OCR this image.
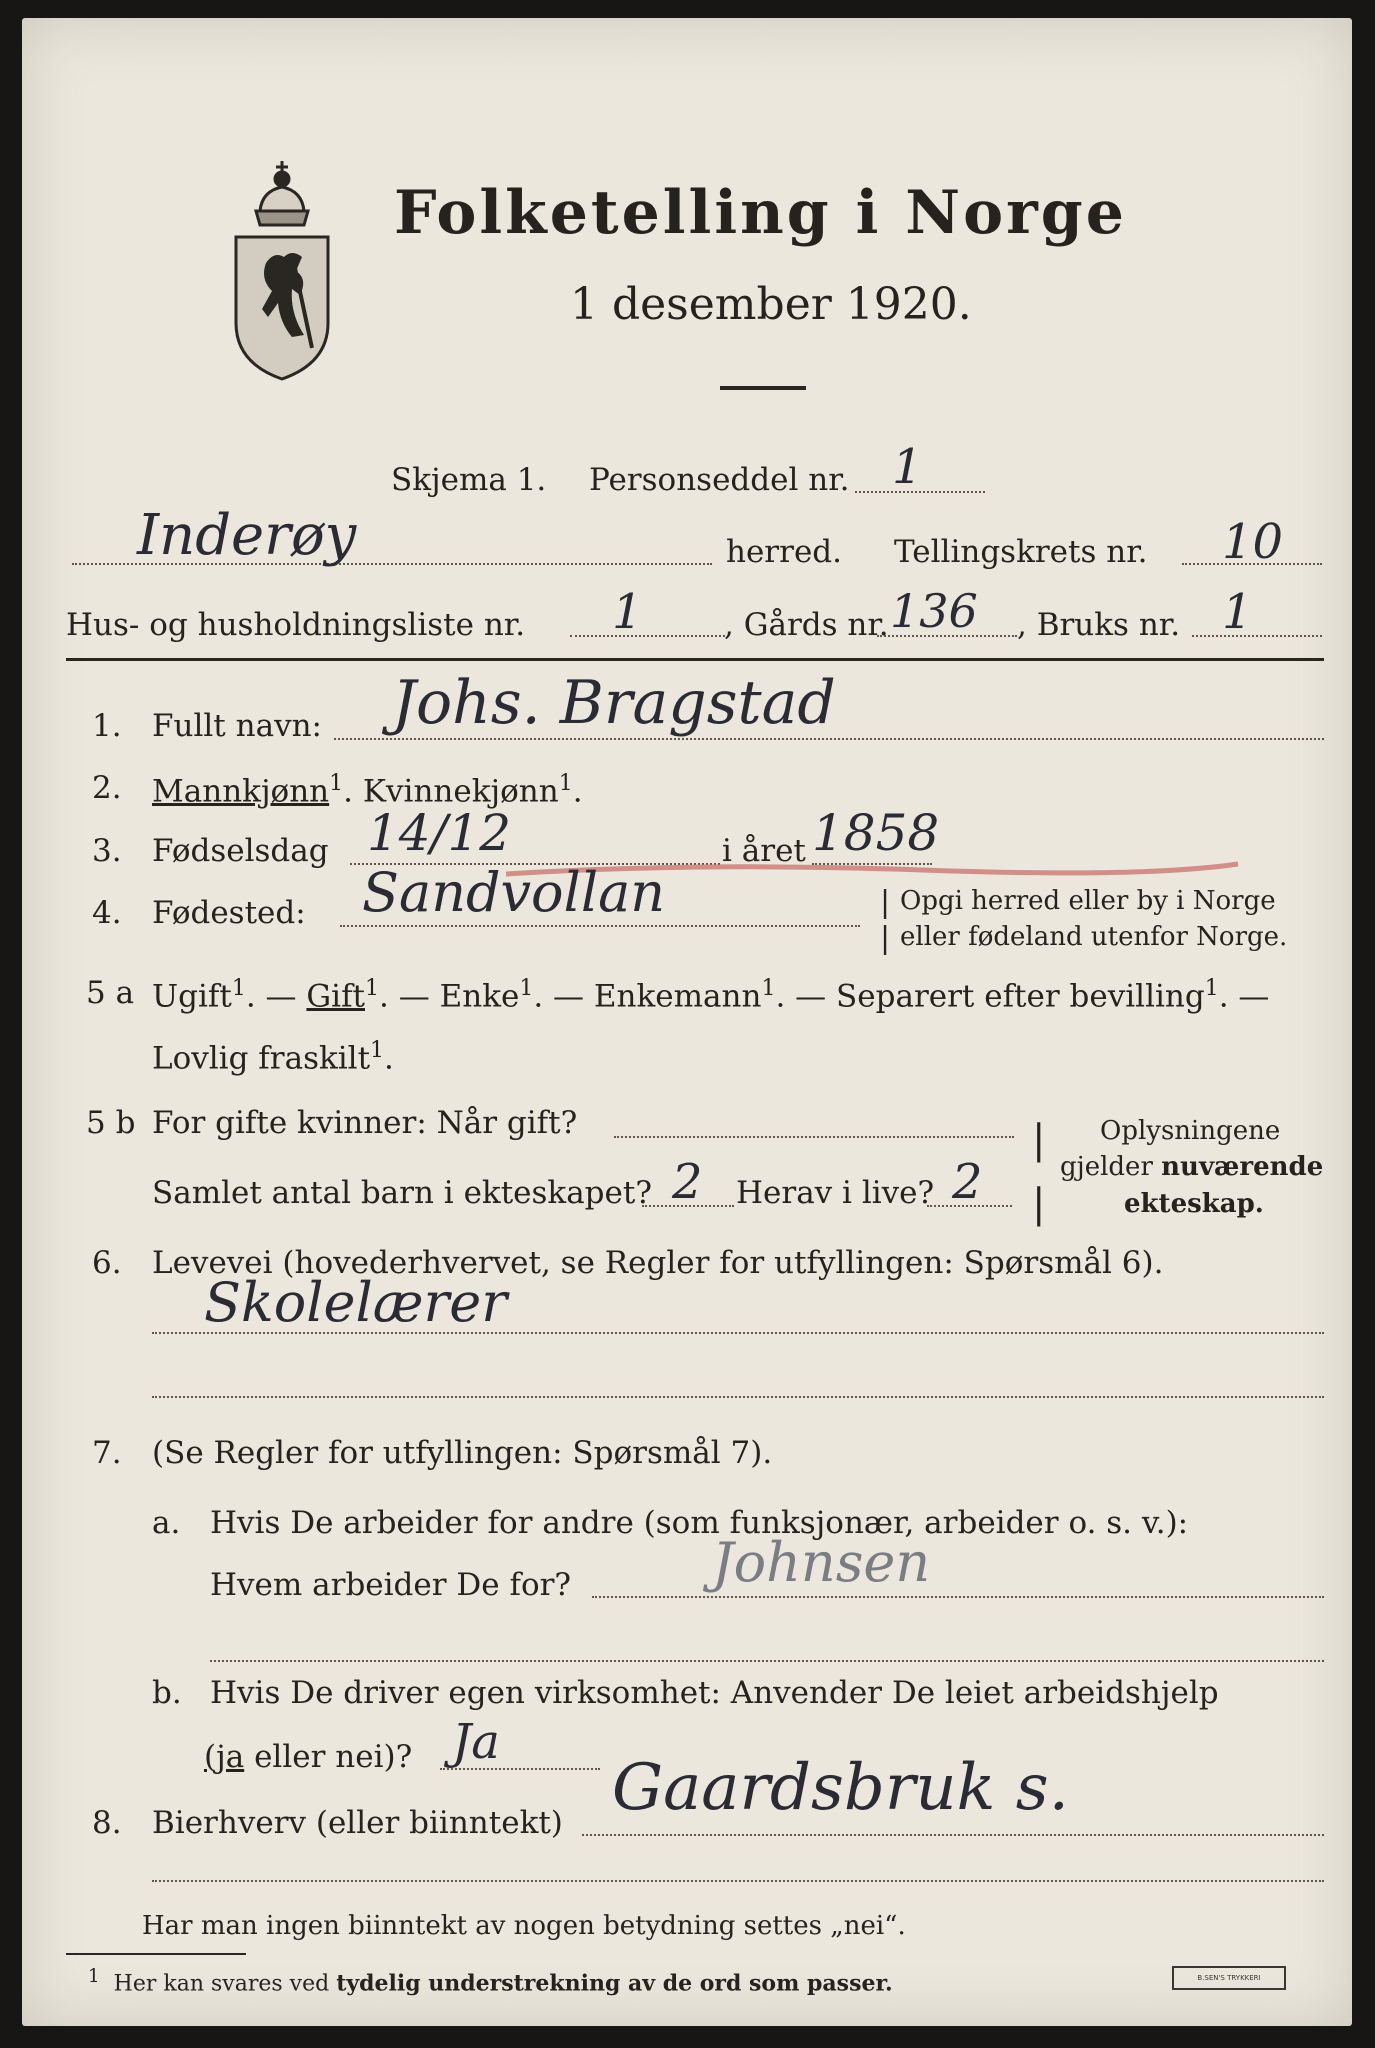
Folketelling i Norge
1 desember 1920.
Skjema 1. Personseddel nr. 1
Inderøy	herred. Tellingskrets nr. 10
Hus- og husholdningsliste nr. 1	, Gårds nr. 136 , Bruks nr. 1
1. Fullt navn: Johs. Bragstad
2. Mannkjønn$^1$. Kvinnekjønn$^1$.
3. Fødselsdag 14/12	i året 1858
4. Fødested: Sandvollan	Opgi herred eller by i Norge
eller fødeland utenfor Norge.
|
|
5 a Ugift$^1$. — Gift$^1$. — Enke$^1$. — Enkemann$^1$. — Separert efter bevilling$^1$. —
Lovlig fraskilt$^1$.
5 b For gifte kvinner: Når gift?
Samlet antal barn i ekteskapet? 2 Herav i live? 2
|
|
Oplysningene
gjelder nuværende
ekteskap.
6. Levevei (hovederhvervet, se Regler for utfyllingen: Spørsmål 6).
Skolelærer
7. (Se Regler for utfyllingen: Spørsmål 7).
a. Hvis De arbeider for andre (som funksjonær, arbeider o. s. v.):
Hvem arbeider De for?	Johnsen
b. Hvis De driver egen virksomhet: Anvender De leiet arbeidshjelp
(ja eller nei)? Ja
8. Bierhverv (eller biinntekt) Gaardsbruk s.
Har man ingen biinntekt av nogen betydning settes „nei“.
$^1$ Her kan svares ved tydelig understrekning av de ord som passer.	B.SEN'S TRYKKERI
